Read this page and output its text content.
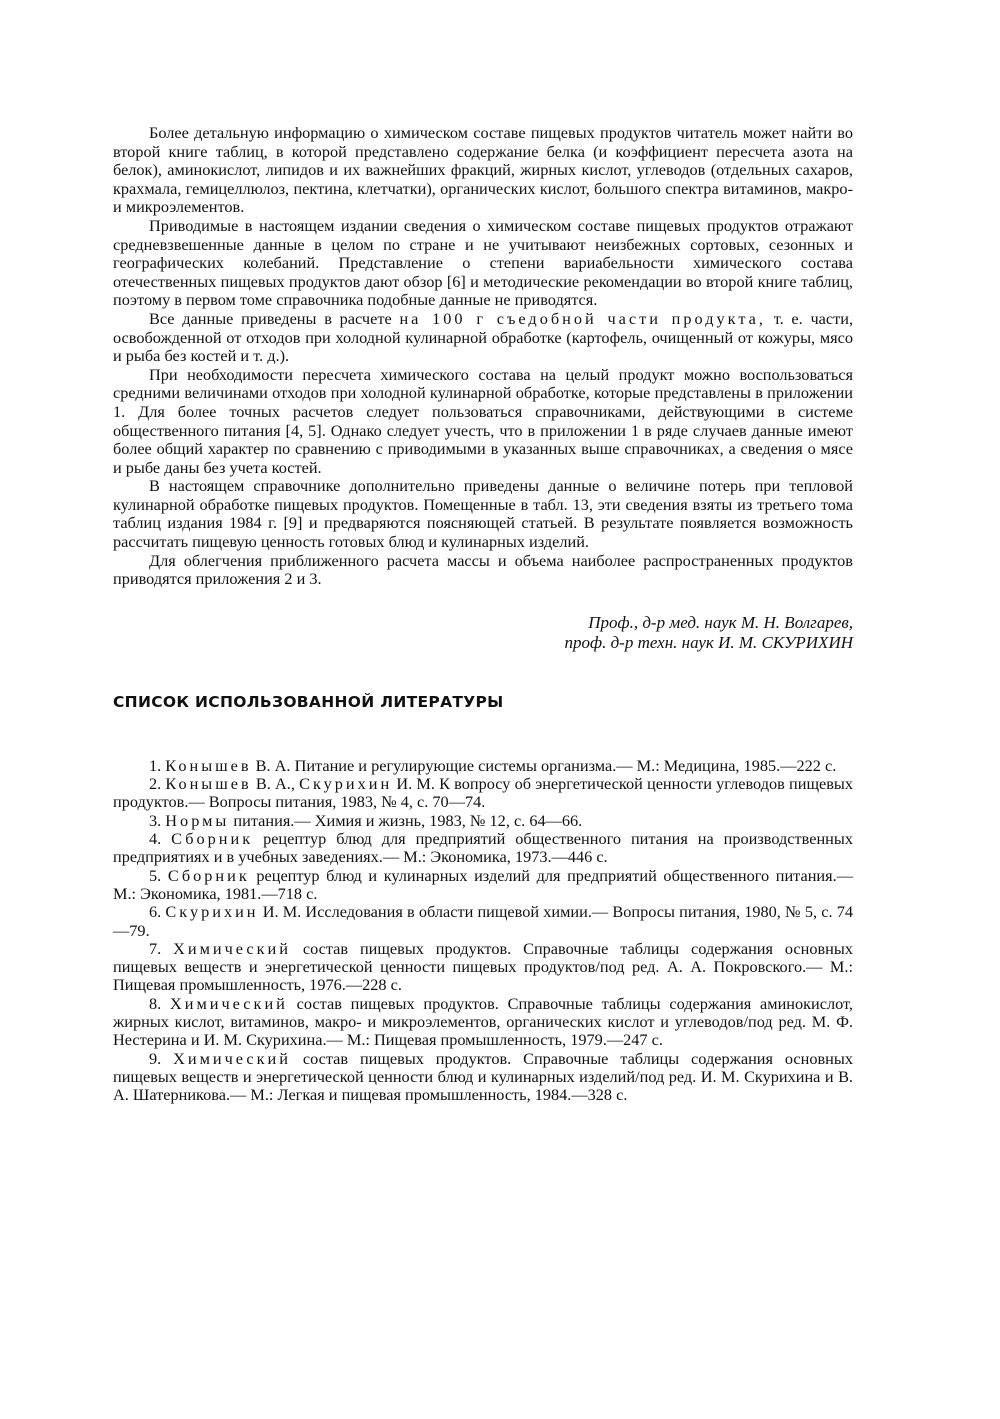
Более детальную информацию о химическом составе пищевых продуктов читатель может найти во второй книге таблиц, в которой представлено содержание белка (и коэффициент пересчета азота на белок), аминокислот, липидов и их важнейших фракций, жирных кислот, углеводов (отдельных сахаров, крахмала, гемицеллюлоз, пектина, клетчатки), органических кислот, большого спектра витаминов, макро- и микроэлементов.

Приводимые в настоящем издании сведения о химическом составе пищевых продуктов отражают средневзвешенные данные в целом по стране и не учитывают неизбежных сортовых, сезонных и географических колебаний. Представление о степени вариабельности химического состава отечественных пищевых продуктов дают обзор [6] и методические рекомендации во второй книге таблиц, поэтому в первом томе справочника подобные данные не приводятся.

Все данные приведены в расчете на 100 г съедобной части продукта, т. е. части, освобожденной от отходов при холодной кулинарной обработке (картофель, очищенный от кожуры, мясо и рыба без костей и т. д.).

При необходимости пересчета химического состава на целый продукт можно воспользоваться средними величинами отходов при холодной кулинарной обработке, которые представлены в приложении 1. Для более точных расчетов следует пользоваться справочниками, действующими в системе общественного питания [4, 5]. Однако следует учесть, что в приложении 1 в ряде случаев данные имеют более общий характер по сравнению с приводимыми в указанных выше справочниках, а сведения о мясе и рыбе даны без учета костей.

В настоящем справочнике дополнительно приведены данные о величине потерь при тепловой кулинарной обработке пищевых продуктов. Помещенные в табл. 13, эти сведения взяты из третьего тома таблиц издания 1984 г. [9] и предваряются поясняющей статьей. В результате появляется возможность рассчитать пищевую ценность готовых блюд и кулинарных изделий.

Для облегчения приближенного расчета массы и объема наиболее распространенных продуктов приводятся приложения 2 и 3.

Проф., д-р мед. наук М. Н. Волгарев,
проф. д-р техн. наук И. М. СКУРИХИН
СПИСОК ИСПОЛЬЗОВАННОЙ ЛИТЕРАТУРЫ

1. Конышев В. А. Питание и регулирующие системы организма.— М.: Медицина, 1985.—222 с.

2. Конышев В. А., Скурихин И. М. К вопросу об энергетической ценности углеводов пищевых продуктов.— Вопросы питания, 1983, № 4, с. 70—74.

3. Нормы питания.— Химия и жизнь, 1983, № 12, с. 64—66.

4. Сборник рецептур блюд для предприятий общественного питания на производственных предприятиях и в учебных заведениях.— М.: Экономика, 1973.—446 с.

5. Сборник рецептур блюд и кулинарных изделий для предприятий общественного питания.— М.: Экономика, 1981.—718 с.

6. Скурихин И. М. Исследования в области пищевой химии.— Вопросы питания, 1980, № 5, с. 74—79.

7. Химический состав пищевых продуктов. Справочные таблицы содержания основных пищевых веществ и энергетической ценности пищевых продуктов/под ред. А. А. Покровского.— М.: Пищевая промышленность, 1976.—228 с.

8. Химический состав пищевых продуктов. Справочные таблицы содержания аминокислот, жирных кислот, витаминов, макро- и микроэлементов, органических кислот и углеводов/под ред. М. Ф. Нестерина и И. М. Скурихина.— М.: Пищевая промышленность, 1979.—247 с.

9. Химический состав пищевых продуктов. Справочные таблицы содержания основных пищевых веществ и энергетической ценности блюд и кулинарных изделий/под ред. И. М. Скурихина и В. А. Шатерникова.— М.: Легкая и пищевая промышленность, 1984.—328 с.
